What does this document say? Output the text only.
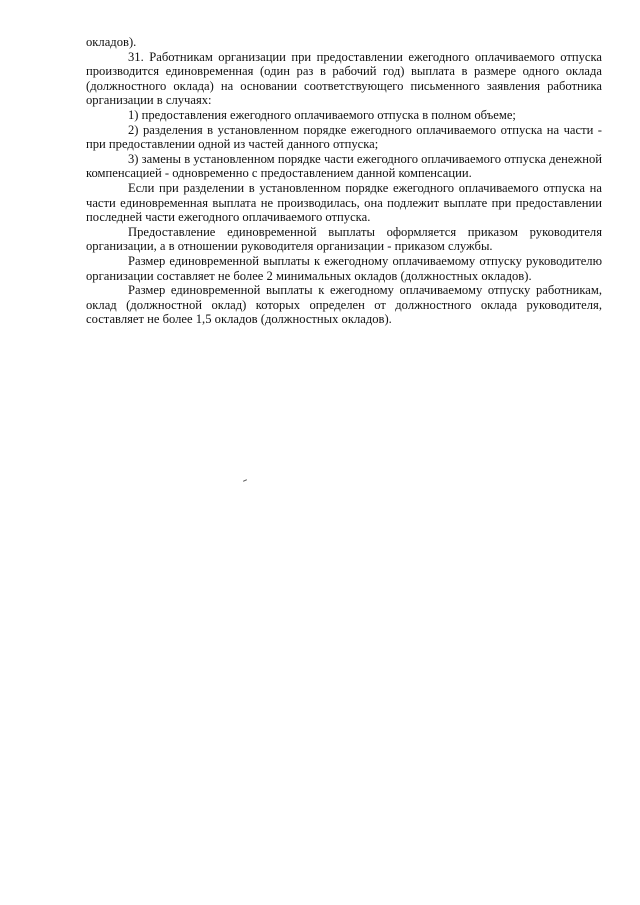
окладов).

31. Работникам организации при предоставлении ежегодного оплачиваемого отпуска производится единовременная (один раз в рабочий год) выплата в размере одного оклада (должностного оклада) на основании соответствующего письменного заявления работника организации в случаях:

1) предоставления ежегодного оплачиваемого отпуска в полном объеме;

2) разделения в установленном порядке ежегодного оплачиваемого отпуска на части - при предоставлении одной из частей данного отпуска;

3) замены в установленном порядке части ежегодного оплачиваемого отпуска денежной компенсацией - одновременно с предоставлением данной компенсации.

Если при разделении в установленном порядке ежегодного оплачиваемого отпуска на части единовременная выплата не производилась, она подлежит выплате при предоставлении последней части ежегодного оплачиваемого отпуска.

Предоставление единовременной выплаты оформляется приказом руководителя организации, а в отношении руководителя организации - приказом службы.

Размер единовременной выплаты к ежегодному оплачиваемому отпуску руководителю организации составляет не более 2 минимальных окладов (должностных окладов).

Размер единовременной выплаты к ежегодному оплачиваемому отпуску работникам, оклад (должностной оклад) которых определен от должностного оклада руководителя, составляет не более 1,5 окладов (должностных окладов).
